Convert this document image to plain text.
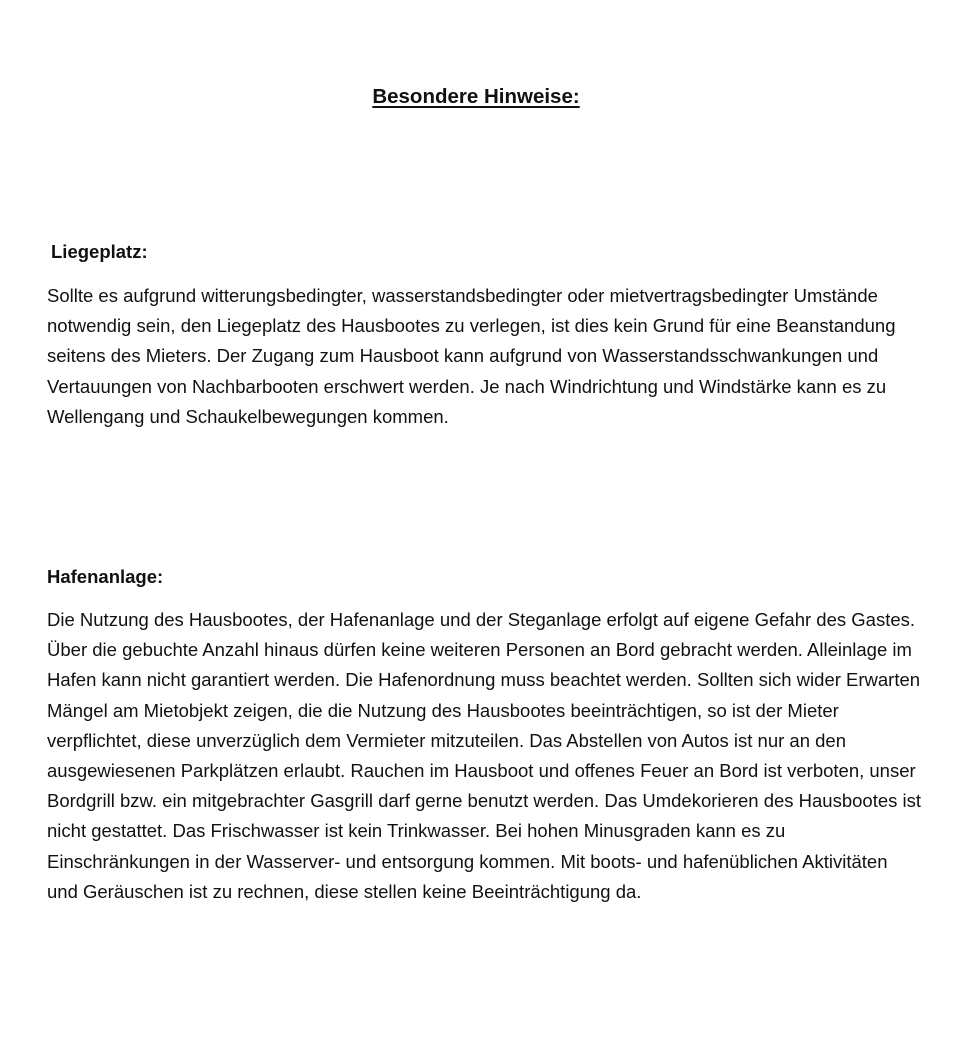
Besondere Hinweise:
Liegeplatz:

Sollte es aufgrund witterungsbedingter, wasserstandsbedingter oder mietvertragsbedingter Umstände notwendig sein, den Liegeplatz des Hausbootes zu verlegen, ist dies kein Grund für eine Beanstandung seitens des Mieters. Der Zugang zum Hausboot kann aufgrund von Wasserstandsschwankungen und Vertauungen von Nachbarbooten erschwert werden. Je nach Windrichtung und Windstärke kann es zu Wellengang und Schaukelbewegungen kommen.

Hafenanlage:

Die Nutzung des Hausbootes, der Hafenanlage und der Steganlage erfolgt auf eigene Gefahr des Gastes. Über die gebuchte Anzahl hinaus dürfen keine weiteren Personen an Bord gebracht werden. Alleinlage im Hafen kann nicht garantiert werden. Die Hafenordnung muss beachtet werden. Sollten sich wider Erwarten Mängel am Mietobjekt zeigen, die die Nutzung des Hausbootes beeinträchtigen, so ist der Mieter verpflichtet, diese unverzüglich dem Vermieter mitzuteilen. Das Abstellen von Autos ist nur an den ausgewiesenen Parkplätzen erlaubt. Rauchen im Hausboot und offenes Feuer an Bord ist verboten, unser Bordgrill bzw. ein mitgebrachter Gasgrill darf gerne benutzt werden. Das Umdekorieren des Hausbootes ist nicht gestattet. Das Frischwasser ist kein Trinkwasser. Bei hohen Minusgraden kann es zu Einschränkungen in der Wasserver- und entsorgung kommen. Mit boots- und hafenüblichen Aktivitäten und Geräuschen ist zu rechnen, diese stellen keine Beeinträchtigung da.
